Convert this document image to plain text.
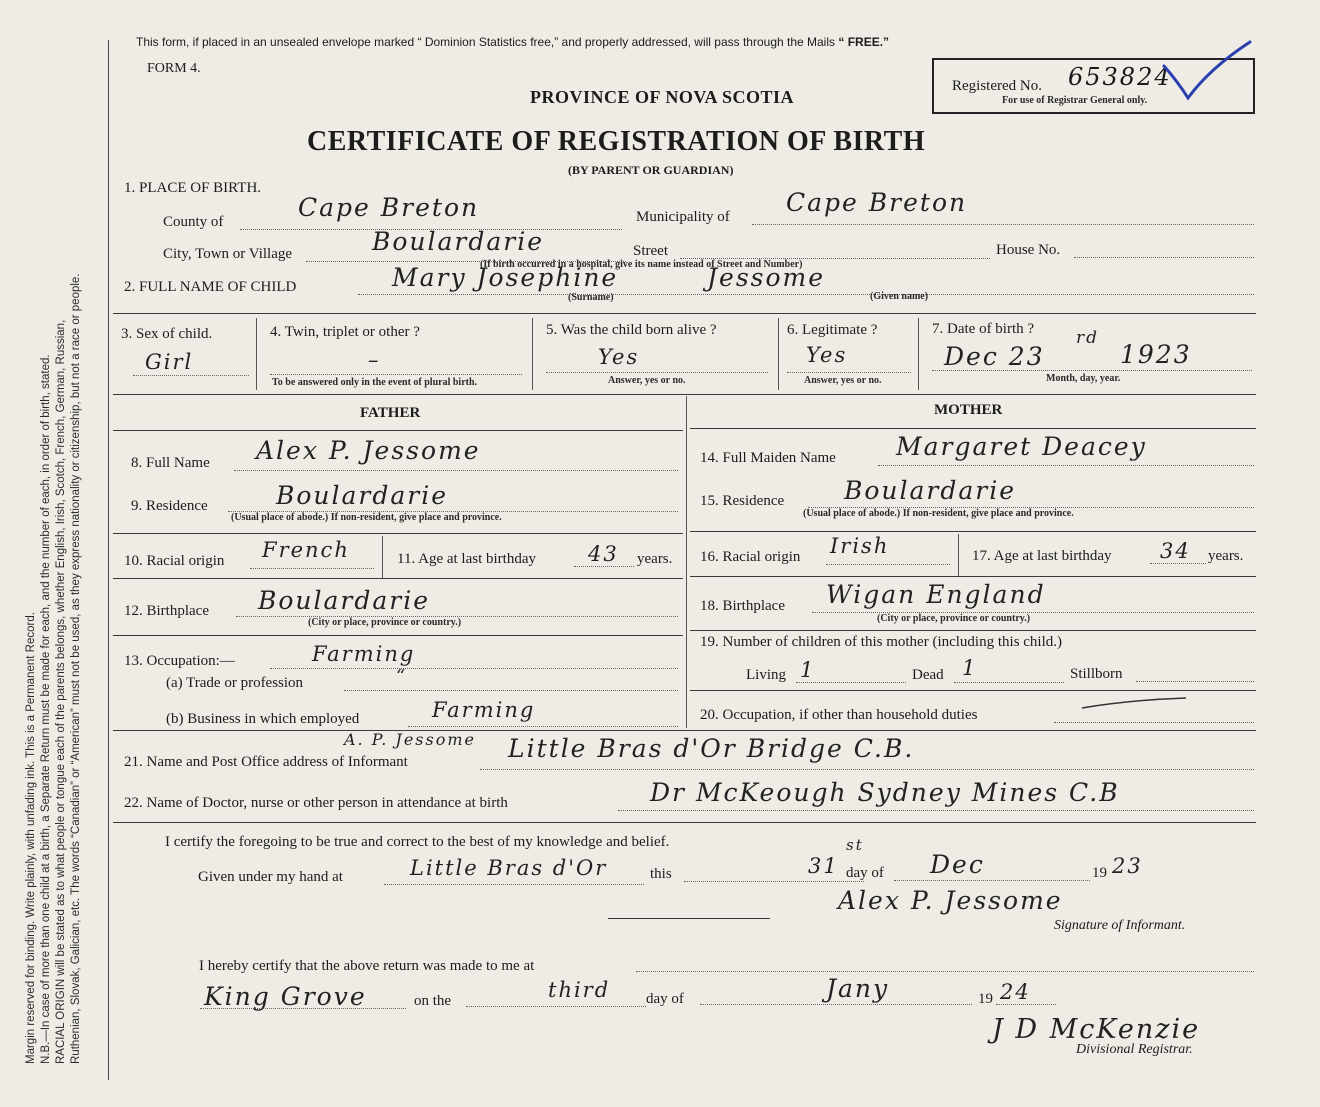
Margin reserved for binding. Write plainly, with unfading ink. This is a Permanent Record. N.B.—In case of more than one child at a birth, a Separate Return must be made for each, and the number of each, in order of birth, stated. RACIAL ORIGIN will be stated as to what people or tongue each of the parents belongs, whether English, Irish, Scotch, French, German, Russian, Ruthenian, Slovak, Galician, etc. The words “Canadian” or “American” must not be used, as they express nationality or citizenship, but not a race or people.
This form, if placed in an unsealed envelope marked “ Dominion Statistics free,” and properly addressed, will pass through the Mails “ FREE.”
FORM 4.
Registered No. 653824
For use of Registrar General only.
PROVINCE OF NOVA SCOTIA
CERTIFICATE OF REGISTRATION OF BIRTH
(BY PARENT OR GUARDIAN)
1. PLACE OF BIRTH.
County of	Cape Breton	Municipality of Cape Breton
City, Town or Village	Boulardarie	Street	House No.
(If birth occurred in a hospital, give its name instead of Street and Number)
2. FULL NAME OF CHILD	Mary Josephine	Jessome
(Surname)	(Given name)
3. Sex of child.
Girl
4. Twin, triplet or other ?
–
To be answered only in the event of plural birth.
5. Was the child born alive ?
Yes
Answer, yes or no.
6. Legitimate ?
Yes
Answer, yes or no.
7. Date of birth ?
Dec 23
rd
1923
Month, day, year.
FATHER	MOTHER
8. Full Name Alex P. Jessome
9. Residence	Boulardarie
(Usual place of abode.) If non-resident, give place and province.
10. Racial origin French	11. Age at last birthday 43 years.
12. Birthplace Boulardarie
(City or place, province or country.)
13. Occupation:—	Farming
(a) Trade or profession	“
(b) Business in which employed	Farming
14. Full Maiden Name Margaret Deacey
15. Residence Boulardarie
(Usual place of abode.) If non-resident, give place and province.
16. Racial origin Irish	17. Age at last birthday 34 years.
18. Birthplace Wigan England
(City or place, province or country.)
19. Number of children of this mother (including this child.)
Living 1	Dead 1	Stillborn
20. Occupation, if other than household duties
21. Name and Post Office address of Informant
A. P. Jessome Little Bras d'Or Bridge C.B.
22. Name of Doctor, nurse or other person in attendance at birth	Dr McKeough Sydney Mines C.B
I certify the foregoing to be true and correct to the best of my knowledge and belief.
Given under my hand at	Little Bras d'Or	this	31
st
day of Dec	19 23
Alex P. Jessome
Signature of Informant.
I hereby certify that the above return was made to me at
King Grove	on the	third day of	Jany	19 24
J D McKenzie
Divisional Registrar.
